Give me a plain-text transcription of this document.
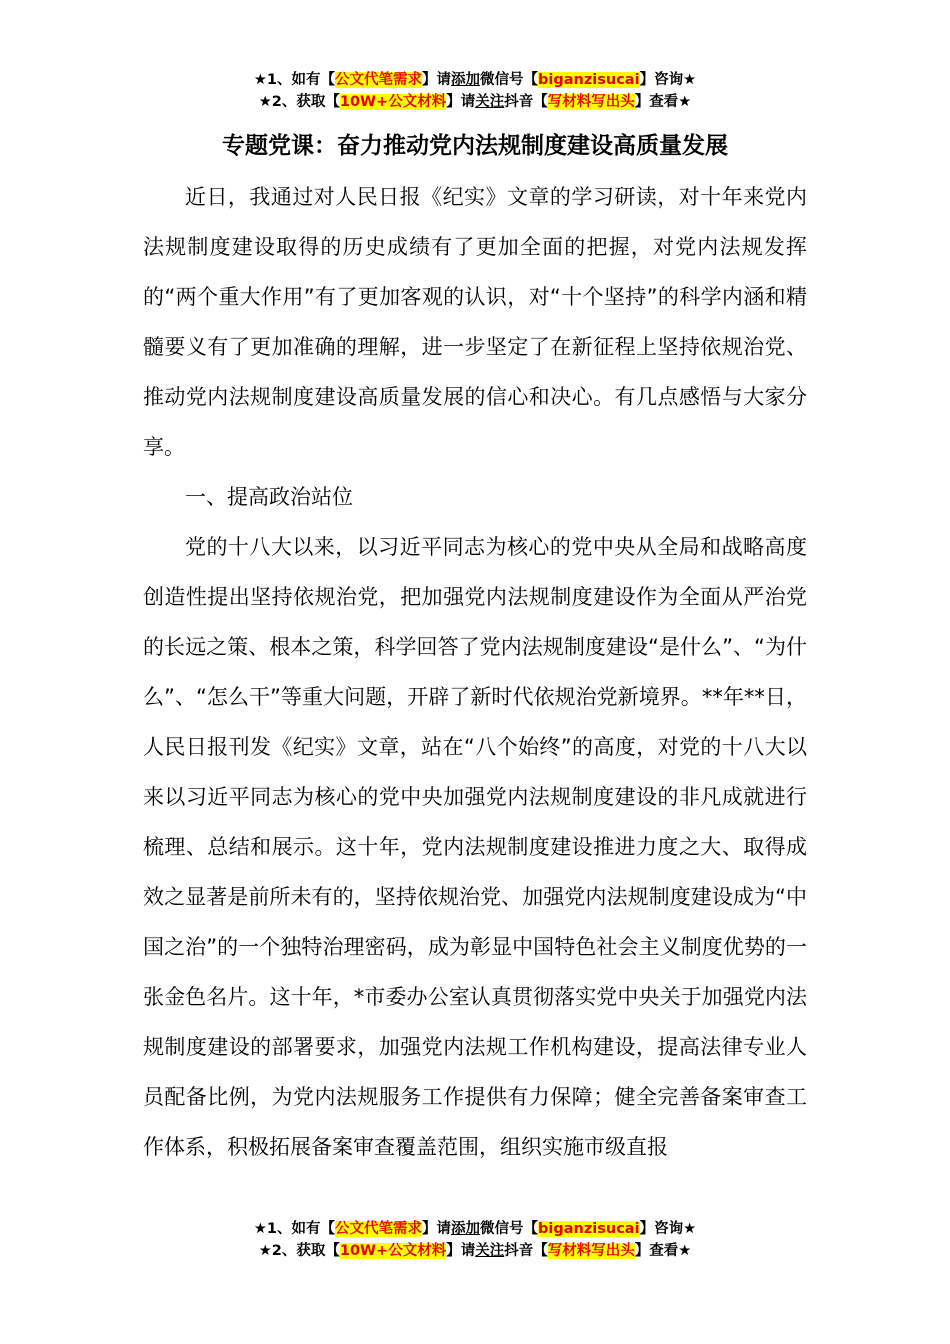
★1、如有【公文代笔需求】请添加微信号【biganzisucai】咨询★
★2、获取【10W+公文材料】请关注抖音【写材料写出头】查看★
专题党课：奋力推动党内法规制度建设高质量发展

近日，我通过对人民日报《纪实》文章的学习研读，对十年来党内法规制度建设取得的历史成绩有了更加全面的把握，对党内法规发挥的“两个重大作用”有了更加客观的认识，对“十个坚持”的科学内涵和精髓要义有了更加准确的理解，进一步坚定了在新征程上坚持依规治党、推动党内法规制度建设高质量发展的信心和决心。有几点感悟与大家分享。

一、提高政治站位

党的十八大以来，以习近平同志为核心的党中央从全局和战略高度创造性提出坚持依规治党，把加强党内法规制度建设作为全面从严治党的长远之策、根本之策，科学回答了党内法规制度建设“是什么”、“为什么”、“怎么干”等重大问题，开辟了新时代依规治党新境界。**年**日，人民日报刊发《纪实》文章，站在“八个始终”的高度，对党的十八大以来以习近平同志为核心的党中央加强党内法规制度建设的非凡成就进行梳理、总结和展示。这十年，党内法规制度建设推进力度之大、取得成效之显著是前所未有的，坚持依规治党、加强党内法规制度建设成为“中国之治”的一个独特治理密码，成为彰显中国特色社会主义制度优势的一张金色名片。这十年，*市委办公室认真贯彻落实党中央关于加强党内法规制度建设的部署要求，加强党内法规工作机构建设，提高法律专业人员配备比例，为党内法规服务工作提供有力保障；健全完善备案审查工作体系，积极拓展备案审查覆盖范围，组织实施市级直报

★1、如有【公文代笔需求】请添加微信号【biganzisucai】咨询★
★2、获取【10W+公文材料】请关注抖音【写材料写出头】查看★
